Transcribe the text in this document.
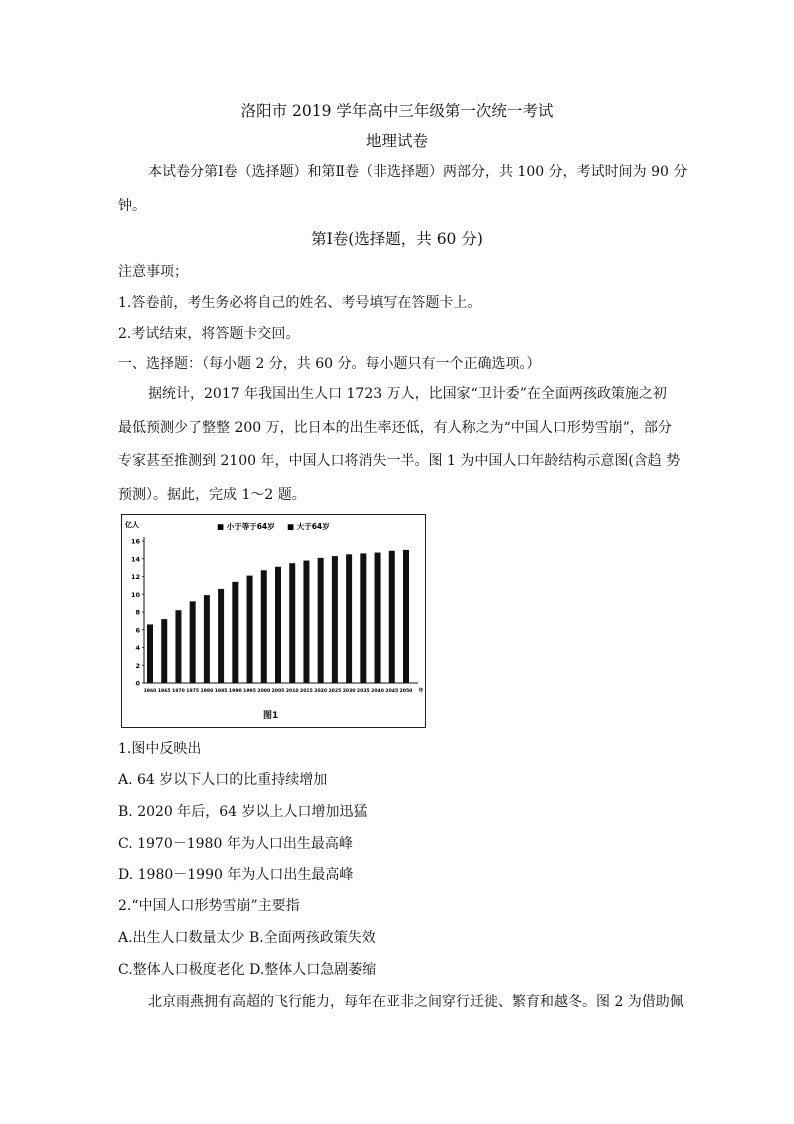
洛阳市 2019 学年高中三年级第一次统一考试
地理试卷
本试卷分第Ⅰ卷（选择题）和第Ⅱ卷（非选择题）两部分，共 100 分，考试时间为 90 分
钟。
第Ⅰ卷(选择题，共 60 分)
注意事项；
1.答卷前，考生务必将自己的姓名、考号填写在答题卡上。
2.考试结束，将答题卡交回。
一、选择题：（每小题 2 分，共 60 分。每小题只有一个正确选项。）
据统计，2017 年我国出生人口 1723 万人，比国家“卫计委”在全面两孩政策施之初
最低预测少了整整 200 万，比日本的出生率还低，有人称之为“中国人口形势雪崩”，部分
专家甚至推测到 2100 年，中国人口将消失一半。图 1 为中国人口年龄结构示意图(含趋 势
预测）。据此，完成 1～2 题。
亿人
0
2
4
6
8
10
12
14
16
■ 小于等于64岁 ■ 大于64岁
1960 1965 1970 1975 1980 1985 1990 1995 2000 2005 2010 2015 2020 2025 2030 2035 2040 2045 2050 年
图1
1.图中反映出
A. 64 岁以下人口的比重持续增加
B. 2020 年后，64 岁以上人口增加迅猛
C. 1970－1980 年为人口出生最高峰
D. 1980－1990 年为人口出生最高峰
2.“中国人口形势雪崩”主要指
A.出生人口数量太少 B.全面两孩政策失效
C.整体人口极度老化 D.整体人口急剧萎缩
北京雨燕拥有高超的飞行能力，每年在亚非之间穿行迁徙、繁育和越冬。图 2 为借助佩
